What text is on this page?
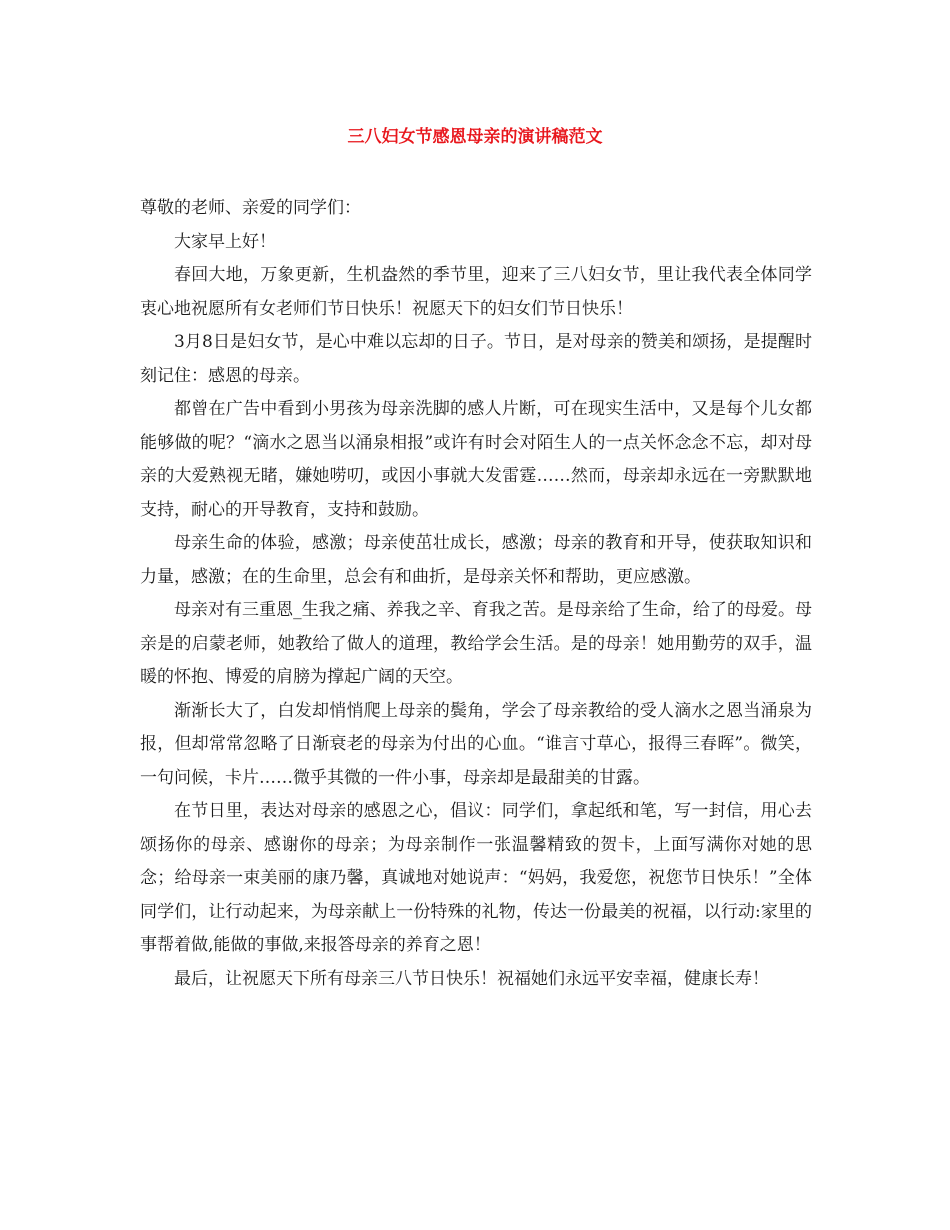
三八妇女节感恩母亲的演讲稿范文

尊敬的老师、亲爱的同学们：

大家早上好！

春回大地，万象更新，生机盎然的季节里，迎来了三八妇女节，里让我代表全体同学衷心地祝愿所有女老师们节日快乐！祝愿天下的妇女们节日快乐！

3月8日是妇女节，是心中难以忘却的日子。节日，是对母亲的赞美和颂扬，是提醒时刻记住：感恩的母亲。

都曾在广告中看到小男孩为母亲洗脚的感人片断，可在现实生活中，又是每个儿女都能够做的呢？“滴水之恩当以涌泉相报”或许有时会对陌生人的一点关怀念念不忘，却对母亲的大爱熟视无睹，嫌她唠叨，或因小事就大发雷霆……然而，母亲却永远在一旁默默地支持，耐心的开导教育，支持和鼓励。

母亲生命的体验，感激；母亲使茁壮成长，感激；母亲的教育和开导，使获取知识和力量，感激；在的生命里，总会有和曲折，是母亲关怀和帮助，更应感激。

母亲对有三重恩_生我之痛、养我之辛、育我之苦。是母亲给了生命，给了的母爱。母亲是的启蒙老师，她教给了做人的道理，教给学会生活。是的母亲！她用勤劳的双手，温暖的怀抱、博爱的肩膀为撑起广阔的天空。

渐渐长大了，白发却悄悄爬上母亲的鬓角，学会了母亲教给的受人滴水之恩当涌泉为报，但却常常忽略了日渐衰老的母亲为付出的心血。“谁言寸草心，报得三春晖”。微笑，一句问候，卡片……微乎其微的一件小事，母亲却是最甜美的甘露。

在节日里，表达对母亲的感恩之心，倡议：同学们，拿起纸和笔，写一封信，用心去颂扬你的母亲、感谢你的母亲；为母亲制作一张温馨精致的贺卡，上面写满你对她的思念；给母亲一束美丽的康乃馨，真诚地对她说声：“妈妈，我爱您，祝您节日快乐！”全体同学们，让行动起来，为母亲献上一份特殊的礼物，传达一份最美的祝福，以行动:家里的事帮着做,能做的事做,来报答母亲的养育之恩！

最后，让祝愿天下所有母亲三八节日快乐！祝福她们永远平安幸福，健康长寿！
